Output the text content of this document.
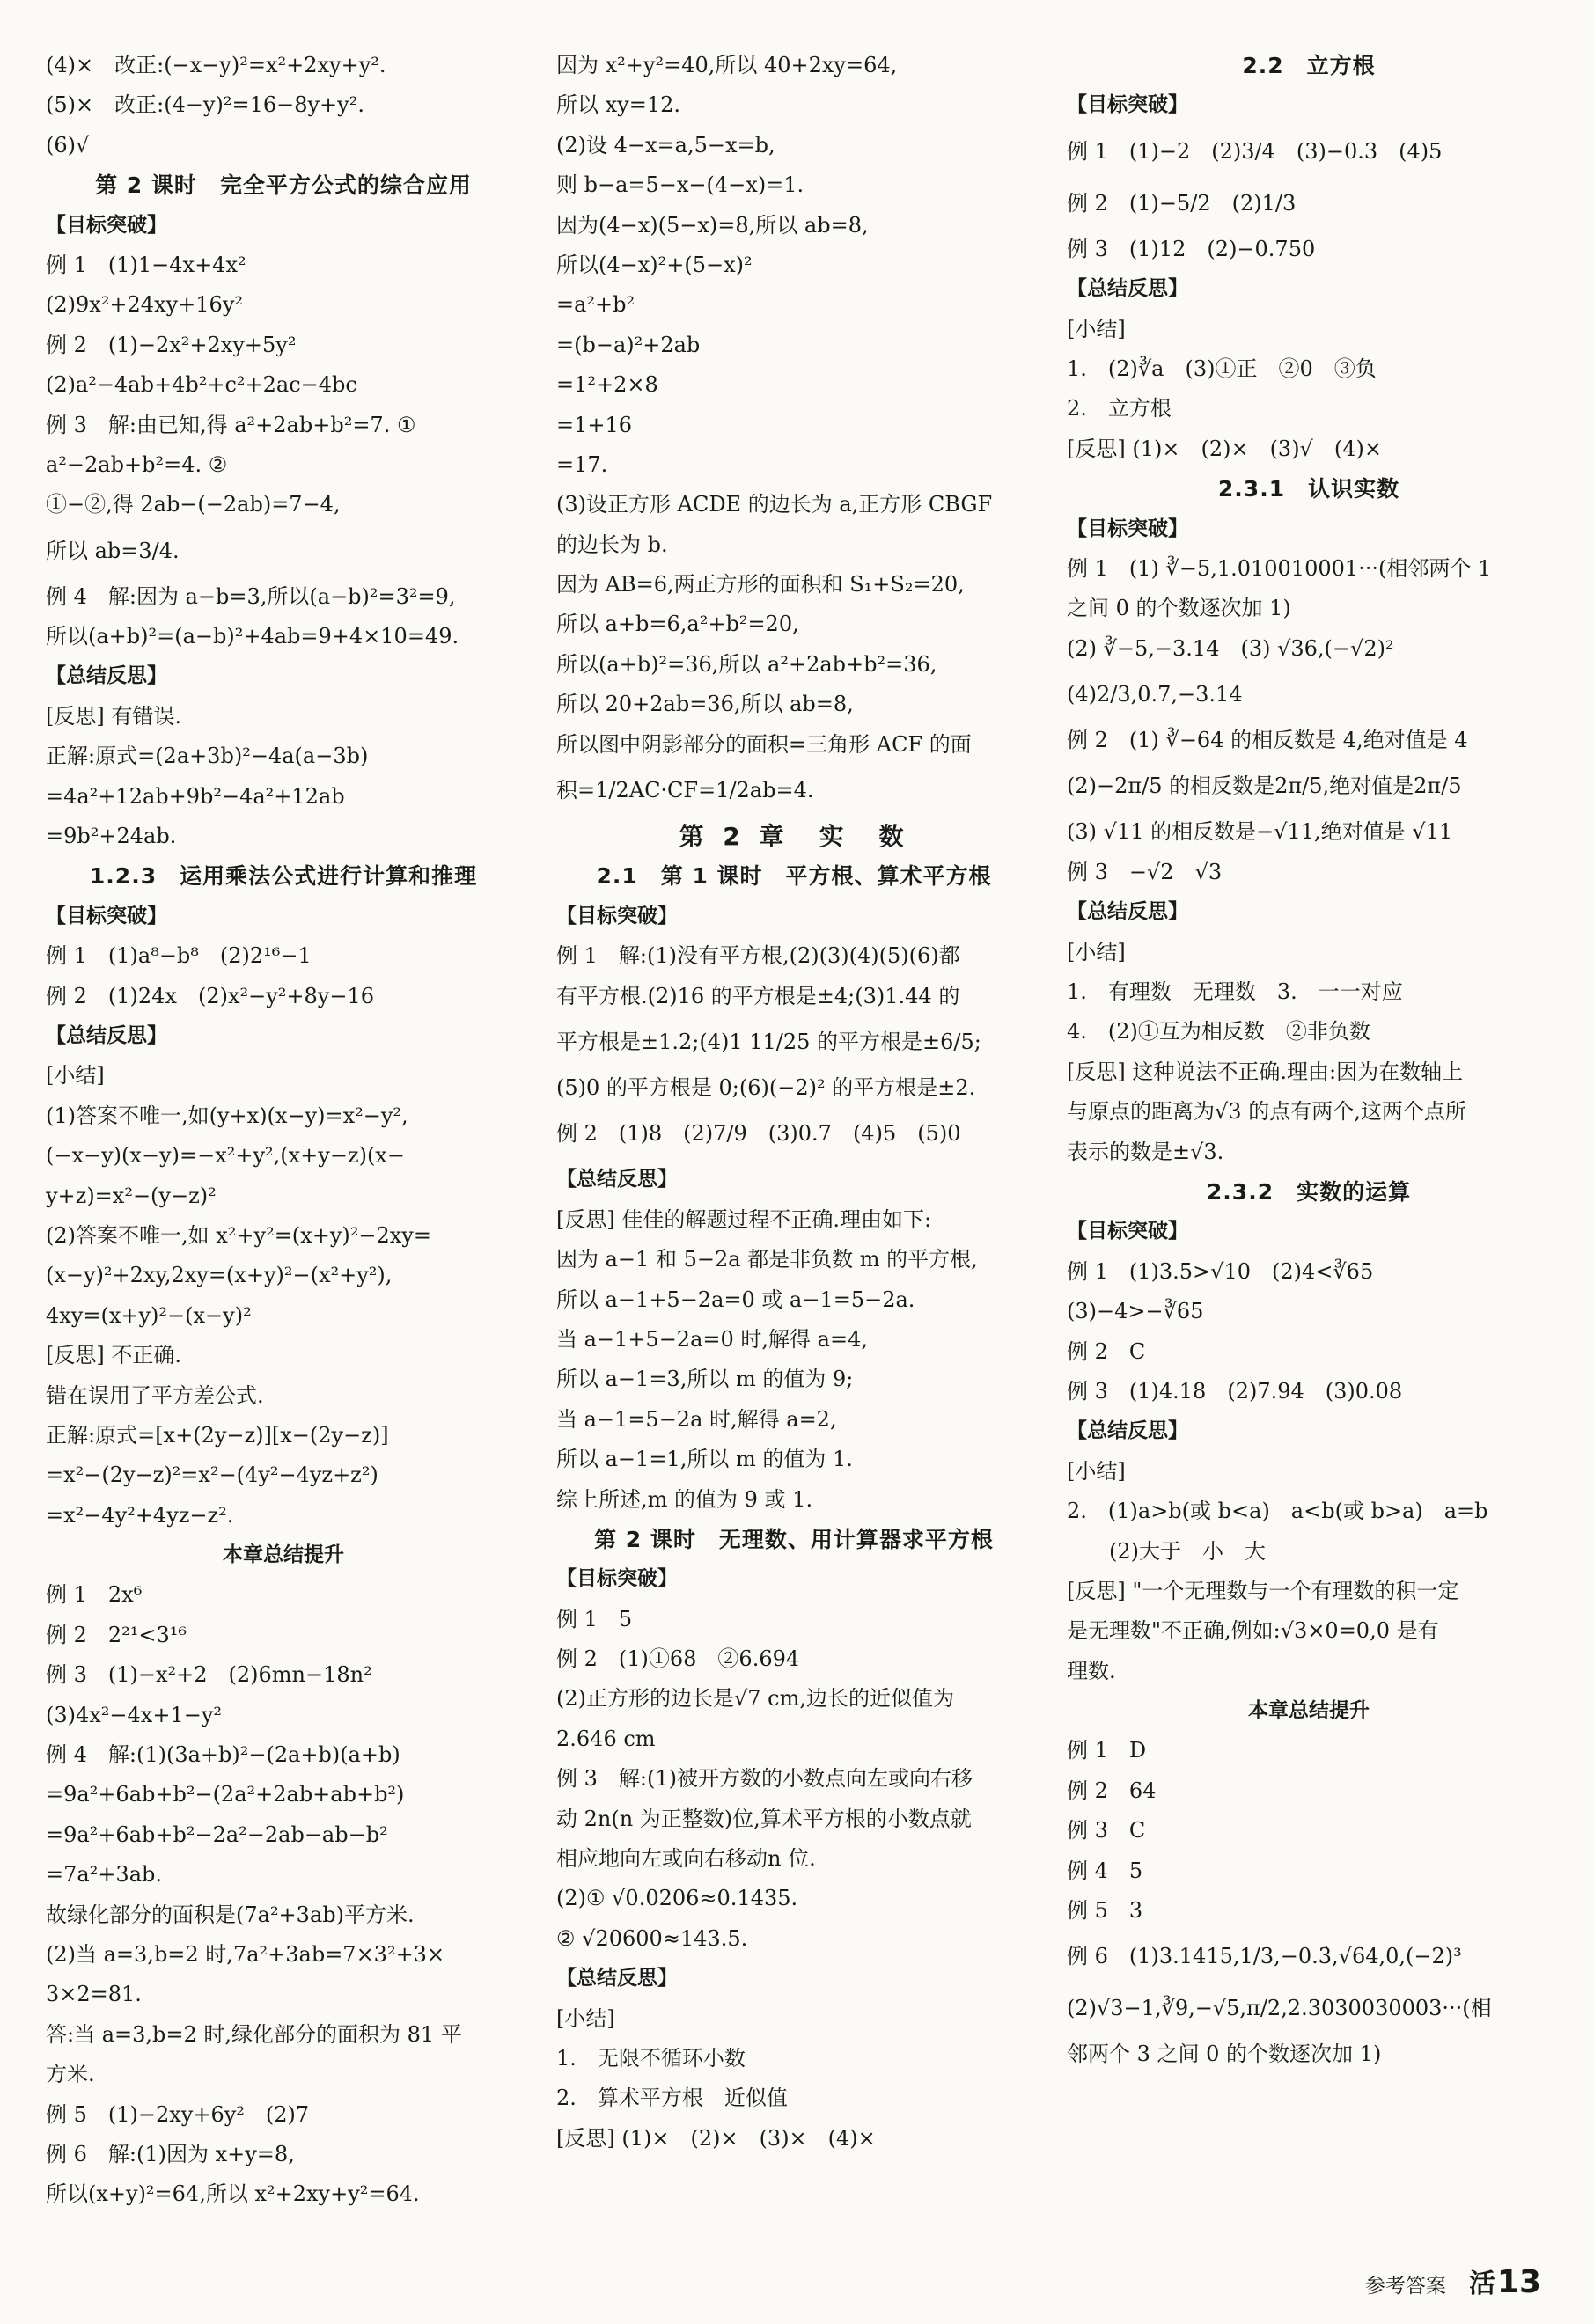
(4)×　改正:(−x−y)²=x²+2xy+y².
(5)×　改正:(4−y)²=16−8y+y².
(6)√
第 2 课时　完全平方公式的综合应用
【目标突破】
例 1　(1)1−4x+4x²
(2)9x²+24xy+16y²
例 2　(1)−2x²+2xy+5y²
(2)a²−4ab+4b²+c²+2ac−4bc
例 3　解:由已知,得 a²+2ab+b²=7. ①
a²−2ab+b²=4. ②
①−②,得 2ab−(−2ab)=7−4,
所以 ab=3/4.
例 4　解:因为 a−b=3,所以(a−b)²=3²=9,
所以(a+b)²=(a−b)²+4ab=9+4×10=49.
【总结反思】
[反思] 有错误.
正解:原式=(2a+3b)²−4a(a−3b)
=4a²+12ab+9b²−4a²+12ab
=9b²+24ab.
1.2.3　运用乘法公式进行计算和推理
【目标突破】
例 1　(1)a⁸−b⁸　(2)2¹⁶−1
例 2　(1)24x　(2)x²−y²+8y−16
【总结反思】
[小结]
(1)答案不唯一,如(y+x)(x−y)=x²−y²,
(−x−y)(x−y)=−x²+y²,(x+y−z)(x−
y+z)=x²−(y−z)²
(2)答案不唯一,如 x²+y²=(x+y)²−2xy=
(x−y)²+2xy,2xy=(x+y)²−(x²+y²),
4xy=(x+y)²−(x−y)²
[反思] 不正确.
错在误用了平方差公式.
正解:原式=[x+(2y−z)][x−(2y−z)]
=x²−(2y−z)²=x²−(4y²−4yz+z²)
=x²−4y²+4yz−z².
本章总结提升
例 1　2x⁶
例 2　2²¹<3¹⁶
例 3　(1)−x²+2　(2)6mn−18n²
(3)4x²−4x+1−y²
例 4　解:(1)(3a+b)²−(2a+b)(a+b)
=9a²+6ab+b²−(2a²+2ab+ab+b²)
=9a²+6ab+b²−2a²−2ab−ab−b²
=7a²+3ab.
故绿化部分的面积是(7a²+3ab)平方米.
(2)当 a=3,b=2 时,7a²+3ab=7×3²+3×
3×2=81.
答:当 a=3,b=2 时,绿化部分的面积为 81 平
方米.
例 5　(1)−2xy+6y²　(2)7
例 6　解:(1)因为 x+y=8,
所以(x+y)²=64,所以 x²+2xy+y²=64.
因为 x²+y²=40,所以 40+2xy=64,
所以 xy=12.
(2)设 4−x=a,5−x=b,
则 b−a=5−x−(4−x)=1.
因为(4−x)(5−x)=8,所以 ab=8,
所以(4−x)²+(5−x)²
=a²+b²
=(b−a)²+2ab
=1²+2×8
=1+16
=17.
(3)设正方形 ACDE 的边长为 a,正方形 CBGF
的边长为 b.
因为 AB=6,两正方形的面积和 S₁+S₂=20,
所以 a+b=6,a²+b²=20,
所以(a+b)²=36,所以 a²+2ab+b²=36,
所以 20+2ab=36,所以 ab=8,
所以图中阴影部分的面积=三角形 ACF 的面
积=1/2AC·CF=1/2ab=4.
第 2 章　实　数
2.1　第 1 课时　平方根、算术平方根
【目标突破】
例 1　解:(1)没有平方根,(2)(3)(4)(5)(6)都
有平方根.(2)16 的平方根是±4;(3)1.44 的
平方根是±1.2;(4)1 11/25 的平方根是±6/5;
(5)0 的平方根是 0;(6)(−2)² 的平方根是±2.
例 2　(1)8　(2)7/9　(3)0.7　(4)5　(5)0
【总结反思】
[反思] 佳佳的解题过程不正确.理由如下:
因为 a−1 和 5−2a 都是非负数 m 的平方根,
所以 a−1+5−2a=0 或 a−1=5−2a.
当 a−1+5−2a=0 时,解得 a=4,
所以 a−1=3,所以 m 的值为 9;
当 a−1=5−2a 时,解得 a=2,
所以 a−1=1,所以 m 的值为 1.
综上所述,m 的值为 9 或 1.
第 2 课时　无理数、用计算器求平方根
【目标突破】
例 1　5
例 2　(1)①68　②6.694
(2)正方形的边长是√7 cm,边长的近似值为
2.646 cm
例 3　解:(1)被开方数的小数点向左或向右移
动 2n(n 为正整数)位,算术平方根的小数点就
相应地向左或向右移动n 位.
(2)① √0.0206≈0.1435.
② √20600≈143.5.
【总结反思】
[小结]
1.　无限不循环小数
2.　算术平方根　近似值
[反思] (1)×　(2)×　(3)×　(4)×
2.2　立方根
【目标突破】
例 1　(1)−2　(2)3/4　(3)−0.3　(4)5
例 2　(1)−5/2　(2)1/3
例 3　(1)12　(2)−0.750
【总结反思】
[小结]
1.　(2)∛a　(3)①正　②0　③负
2.　立方根
[反思] (1)×　(2)×　(3)√　(4)×
2.3.1　认识实数
【目标突破】
例 1　(1) ∛−5,1.010010001···(相邻两个 1
之间 0 的个数逐次加 1)
(2) ∛−5,−3.14　(3) √36,(−√2)²
(4)2/3,0.7̇,−3.14
例 2　(1) ∛−64 的相反数是 4,绝对值是 4
(2)−2π/5 的相反数是2π/5,绝对值是2π/5
(3) √11 的相反数是−√11,绝对值是 √11
例 3　−√2　√3
【总结反思】
[小结]
1.　有理数　无理数　3.　一一对应
4.　(2)①互为相反数　②非负数
[反思] 这种说法不正确.理由:因为在数轴上
与原点的距离为√3 的点有两个,这两个点所
表示的数是±√3.
2.3.2　实数的运算
【目标突破】
例 1　(1)3.5>√10　(2)4<∛65
(3)−4>−∛65
例 2　C
例 3　(1)4.18　(2)7.94　(3)0.08
【总结反思】
[小结]
2.　(1)a>b(或 b<a)　a<b(或 b>a)　a=b
　　(2)大于　小　大
[反思] "一个无理数与一个有理数的积一定
是无理数"不正确,例如:√3×0=0,0 是有
理数.
本章总结提升
例 1　D
例 2　64
例 3　C
例 4　5
例 5　3
例 6　(1)3.1415,1/3,−0.3̇,√64,0,(−2)³
(2)√3−1,∛9,−√5,π/2,2.3030030003···(相
邻两个 3 之间 0 的个数逐次加 1)
参考答案 活13
